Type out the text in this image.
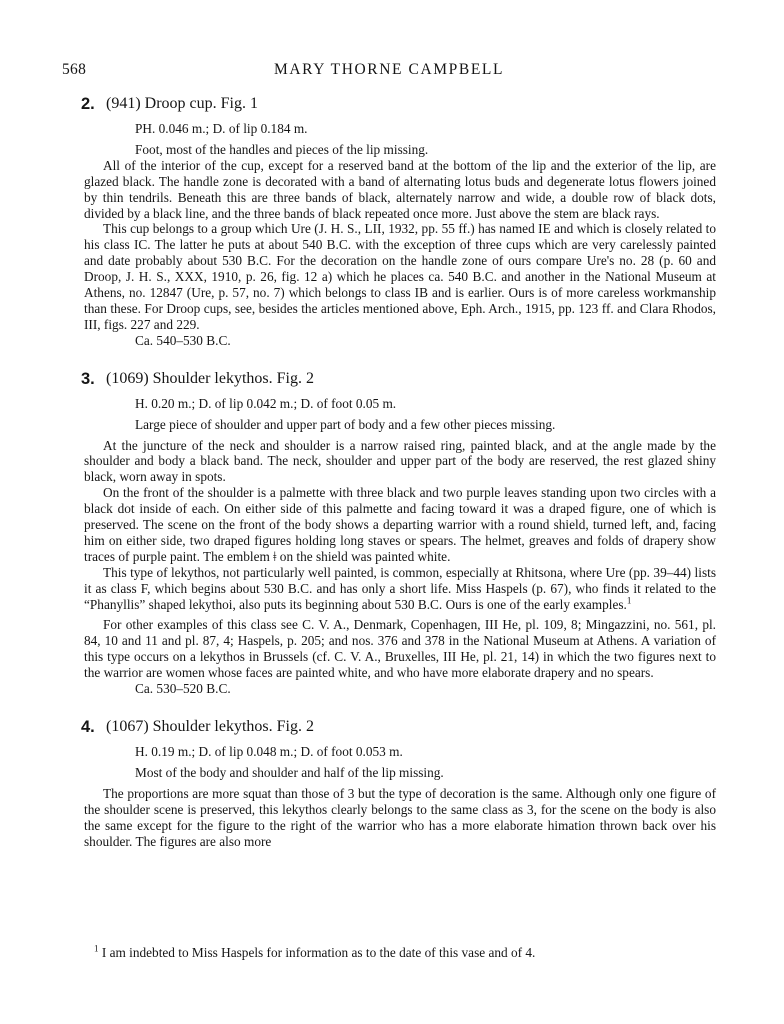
568	MARY THORNE CAMPBELL
2. (941) Droop cup. Fig. 1

PH. 0.046 m.; D. of lip 0.184 m.

Foot, most of the handles and pieces of the lip missing.

All of the interior of the cup, except for a reserved band at the bottom of the lip and the exterior of the lip, are glazed black. The handle zone is decorated with a band of alternating lotus buds and degenerate lotus flowers joined by thin tendrils. Beneath this are three bands of black, alternately narrow and wide, a double row of black dots, divided by a black line, and the three bands of black repeated once more. Just above the stem are black rays.

This cup belongs to a group which Ure (J. H. S., LII, 1932, pp. 55 ff.) has named IE and which is closely related to his class IC. The latter he puts at about 540 B.C. with the exception of three cups which are very carelessly painted and date probably about 530 B.C. For the decoration on the handle zone of ours compare Ure's no. 28 (p. 60 and Droop, J. H. S., XXX, 1910, p. 26, fig. 12 a) which he places ca. 540 B.C. and another in the National Museum at Athens, no. 12847 (Ure, p. 57, no. 7) which belongs to class IB and is earlier. Ours is of more careless workmanship than these. For Droop cups, see, besides the articles mentioned above, Eph. Arch., 1915, pp. 123 ff. and Clara Rhodos, III, figs. 227 and 229.

Ca. 540–530 B.C.

3. (1069) Shoulder lekythos. Fig. 2

H. 0.20 m.; D. of lip 0.042 m.; D. of foot 0.05 m.

Large piece of shoulder and upper part of body and a few other pieces missing.

At the juncture of the neck and shoulder is a narrow raised ring, painted black, and at the angle made by the shoulder and body a black band. The neck, shoulder and upper part of the body are reserved, the rest glazed shiny black, worn away in spots.

On the front of the shoulder is a palmette with three black and two purple leaves standing upon two circles with a black dot inside of each. On either side of this palmette and facing toward it was a draped figure, one of which is preserved. The scene on the front of the body shows a departing warrior with a round shield, turned left, and, facing him on either side, two draped figures holding long staves or spears. The helmet, greaves and folds of drapery show traces of purple paint. The emblem ǂ on the shield was painted white.

This type of lekythos, not particularly well painted, is common, especially at Rhitsona, where Ure (pp. 39–44) lists it as class F, which begins about 530 B.C. and has only a short life. Miss Haspels (p. 67), who finds it related to the “Phanyllis” shaped lekythoi, also puts its beginning about 530 B.C. Ours is one of the early examples.$^1$

For other examples of this class see C. V. A., Denmark, Copenhagen, III He, pl. 109, 8; Mingazzini, no. 561, pl. 84, 10 and 11 and pl. 87, 4; Haspels, p. 205; and nos. 376 and 378 in the National Museum at Athens. A variation of this type occurs on a lekythos in Brussels (cf. C. V. A., Bruxelles, III He, pl. 21, 14) in which the two figures next to the warrior are women whose faces are painted white, and who have more elaborate drapery and no spears.

Ca. 530–520 B.C.

4. (1067) Shoulder lekythos. Fig. 2

H. 0.19 m.; D. of lip 0.048 m.; D. of foot 0.053 m.

Most of the body and shoulder and half of the lip missing.

The proportions are more squat than those of 3 but the type of decoration is the same. Although only one figure of the shoulder scene is preserved, this lekythos clearly belongs to the same class as 3, for the scene on the body is also the same except for the figure to the right of the warrior who has a more elaborate himation thrown back over his shoulder. The figures are also more

$^1$ I am indebted to Miss Haspels for information as to the date of this vase and of 4.
